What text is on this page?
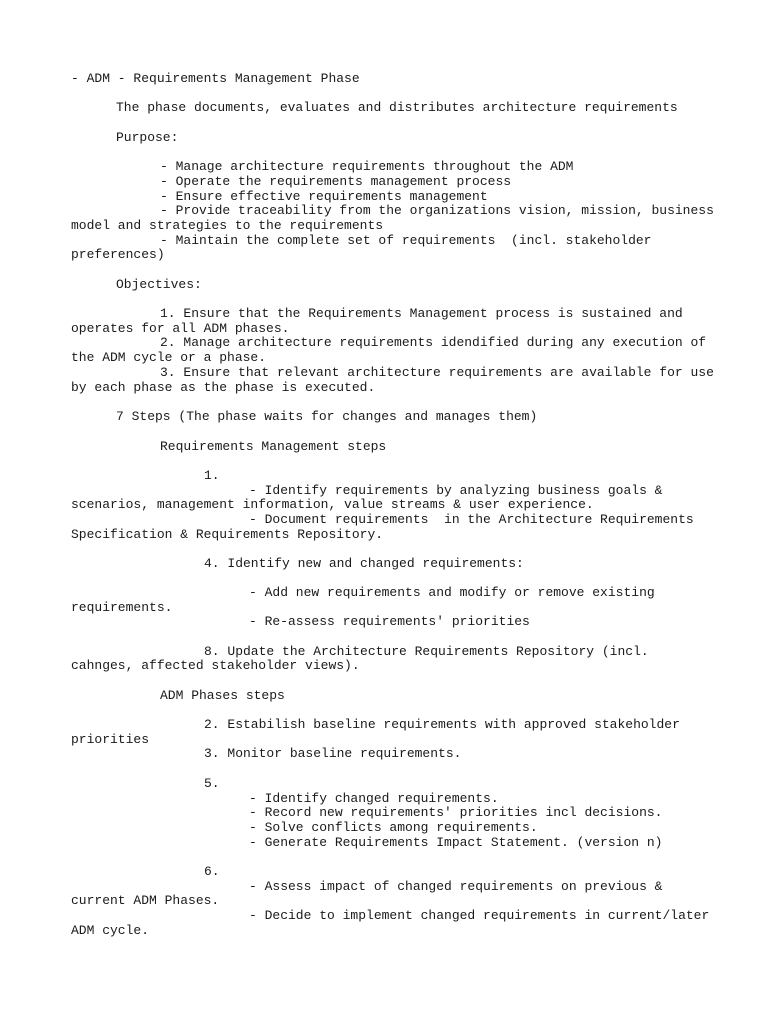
- ADM - Requirements Management Phase
The phase documents, evaluates and distributes architecture requirements
Purpose:
- Manage architecture requirements throughout the ADM
- Operate the requirements management process
- Ensure effective requirements management
- Provide traceability from the organizations vision, mission, business
model and strategies to the requirements
- Maintain the complete set of requirements  (incl. stakeholder
preferences)
Objectives:
1. Ensure that the Requirements Management process is sustained and
operates for all ADM phases.
2. Manage architecture requirements idendified during any execution of
the ADM cycle or a phase.
3. Ensure that relevant architecture requirements are available for use
by each phase as the phase is executed.
7 Steps (The phase waits for changes and manages them)
Requirements Management steps
1.
- Identify requirements by analyzing business goals &
scenarios, management information, value streams & user experience.
- Document requirements  in the Architecture Requirements
Specification & Requirements Repository.
4. Identify new and changed requirements:
- Add new requirements and modify or remove existing
requirements.
- Re-assess requirements' priorities
8. Update the Architecture Requirements Repository (incl.
cahnges, affected stakeholder views).
ADM Phases steps
2. Estabilish baseline requirements with approved stakeholder
priorities
3. Monitor baseline requirements.
5.
- Identify changed requirements.
- Record new requirements' priorities incl decisions.
- Solve conflicts among requirements.
- Generate Requirements Impact Statement. (version n)
6.
- Assess impact of changed requirements on previous &
current ADM Phases.
- Decide to implement changed requirements in current/later
ADM cycle.
